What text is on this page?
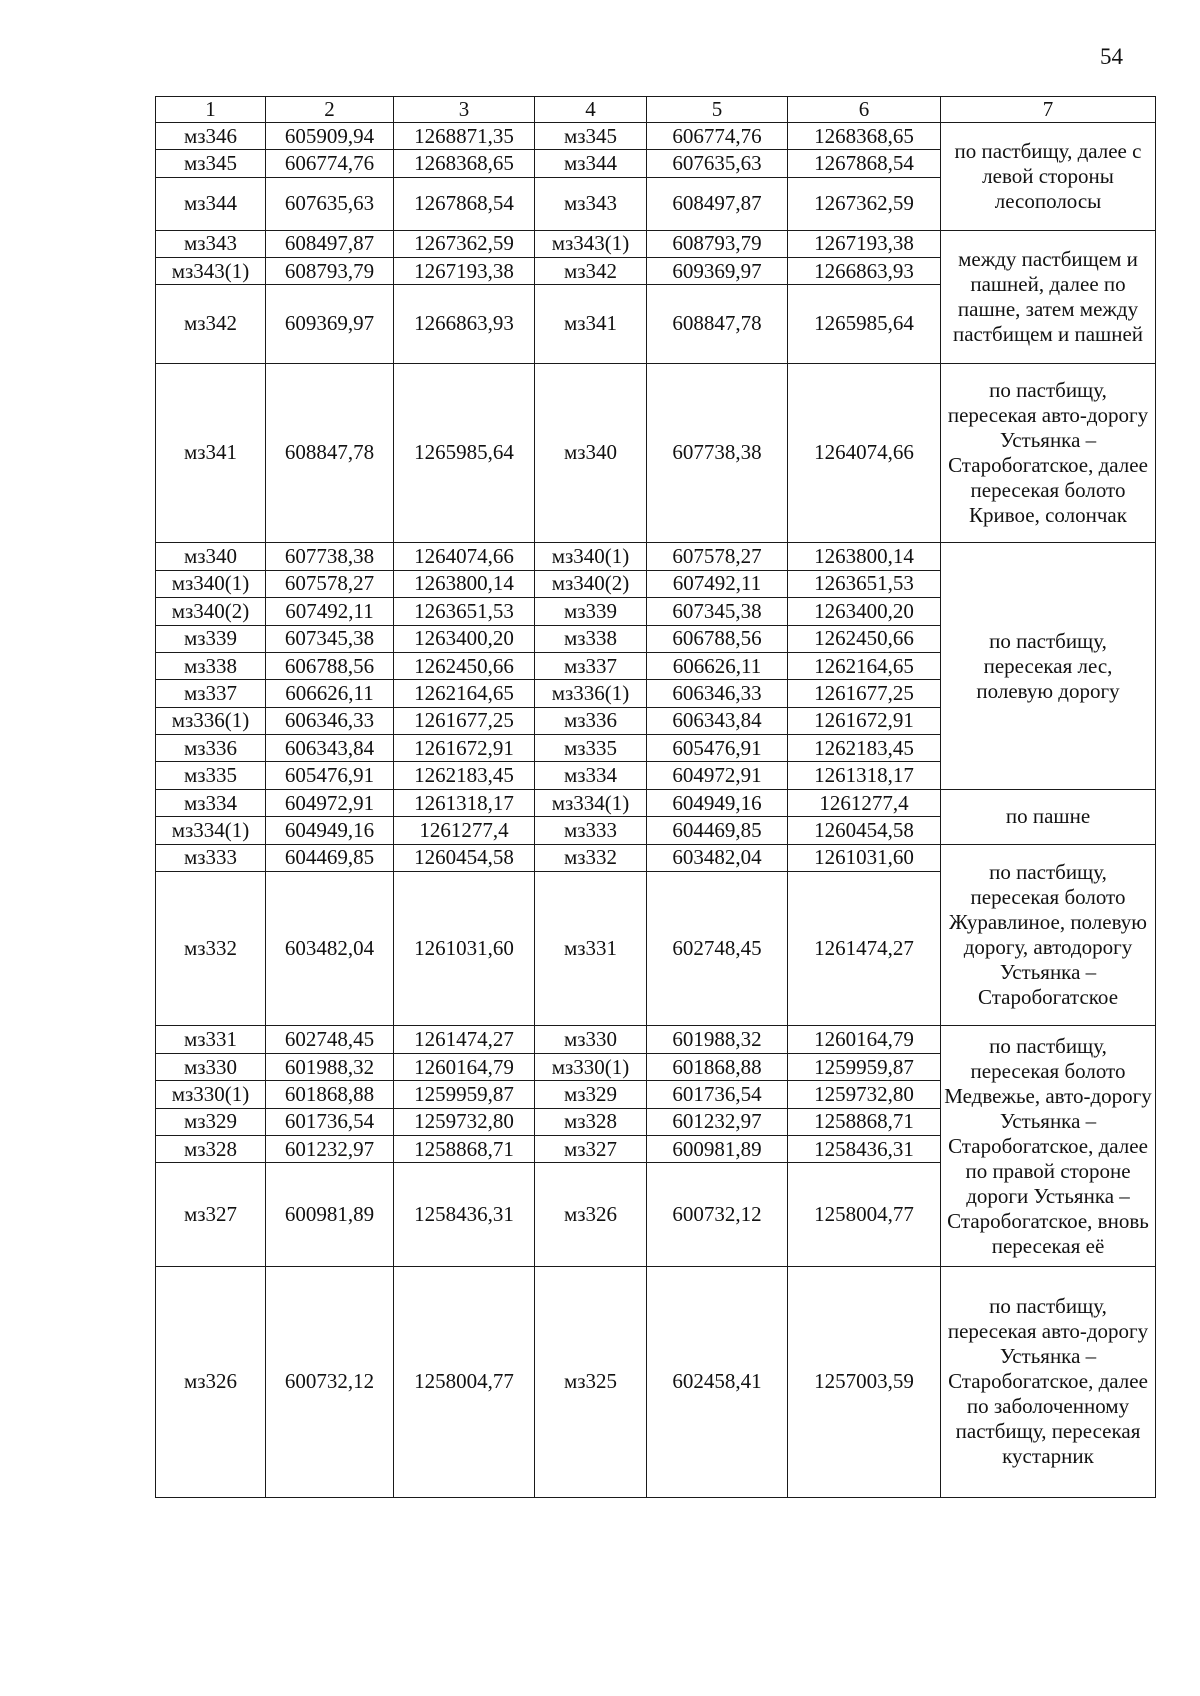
54
1	2	3	4	5	6	7
мз346	605909,94	1268871,35	мз345	606774,76	1268368,65	по пастбищу, далее с левой стороны лесополосы
мз345	606774,76	1268368,65	мз344	607635,63	1267868,54	
мз344	607635,63	1267868,54	мз343	608497,87	1267362,59	
мз343	608497,87	1267362,59	мз343(1)	608793,79	1267193,38	между пастбищем и пашней, далее по пашне, затем между пастбищем и пашней
мз343(1)	608793,79	1267193,38	мз342	609369,97	1266863,93	
мз342	609369,97	1266863,93	мз341	608847,78	1265985,64	
мз341	608847,78	1265985,64	мз340	607738,38	1264074,66	по пастбищу, пересекая авто-дорогу Устьянка – Старобогатское, далее пересекая болото Кривое, солончак
мз340	607738,38	1264074,66	мз340(1)	607578,27	1263800,14	по пастбищу, пересекая лес, полевую дорогу
мз340(1)	607578,27	1263800,14	мз340(2)	607492,11	1263651,53	
мз340(2)	607492,11	1263651,53	мз339	607345,38	1263400,20	
мз339	607345,38	1263400,20	мз338	606788,56	1262450,66	
мз338	606788,56	1262450,66	мз337	606626,11	1262164,65	
мз337	606626,11	1262164,65	мз336(1)	606346,33	1261677,25	
мз336(1)	606346,33	1261677,25	мз336	606343,84	1261672,91	
мз336	606343,84	1261672,91	мз335	605476,91	1262183,45	
мз335	605476,91	1262183,45	мз334	604972,91	1261318,17	
мз334	604972,91	1261318,17	мз334(1)	604949,16	1261277,4	по пашне
мз334(1)	604949,16	1261277,4	мз333	604469,85	1260454,58	
мз333	604469,85	1260454,58	мз332	603482,04	1261031,60	по пастбищу, пересекая болото Журавлиное, полевую дорогу, автодорогу Устьянка – Старобогатское
мз332	603482,04	1261031,60	мз331	602748,45	1261474,27	
мз331	602748,45	1261474,27	мз330	601988,32	1260164,79	по пастбищу, пересекая болото Медвежье, авто-дорогу Устьянка – Старобогатское, далее по правой стороне дороги Устьянка – Старобогатское, вновь пересекая её
мз330	601988,32	1260164,79	мз330(1)	601868,88	1259959,87	
мз330(1)	601868,88	1259959,87	мз329	601736,54	1259732,80	
мз329	601736,54	1259732,80	мз328	601232,97	1258868,71	
мз328	601232,97	1258868,71	мз327	600981,89	1258436,31	
мз327	600981,89	1258436,31	мз326	600732,12	1258004,77	
мз326	600732,12	1258004,77	мз325	602458,41	1257003,59	по пастбищу, пересекая авто-дорогу Устьянка – Старобогатское, далее по заболоченному пастбищу, пересекая кустарник
